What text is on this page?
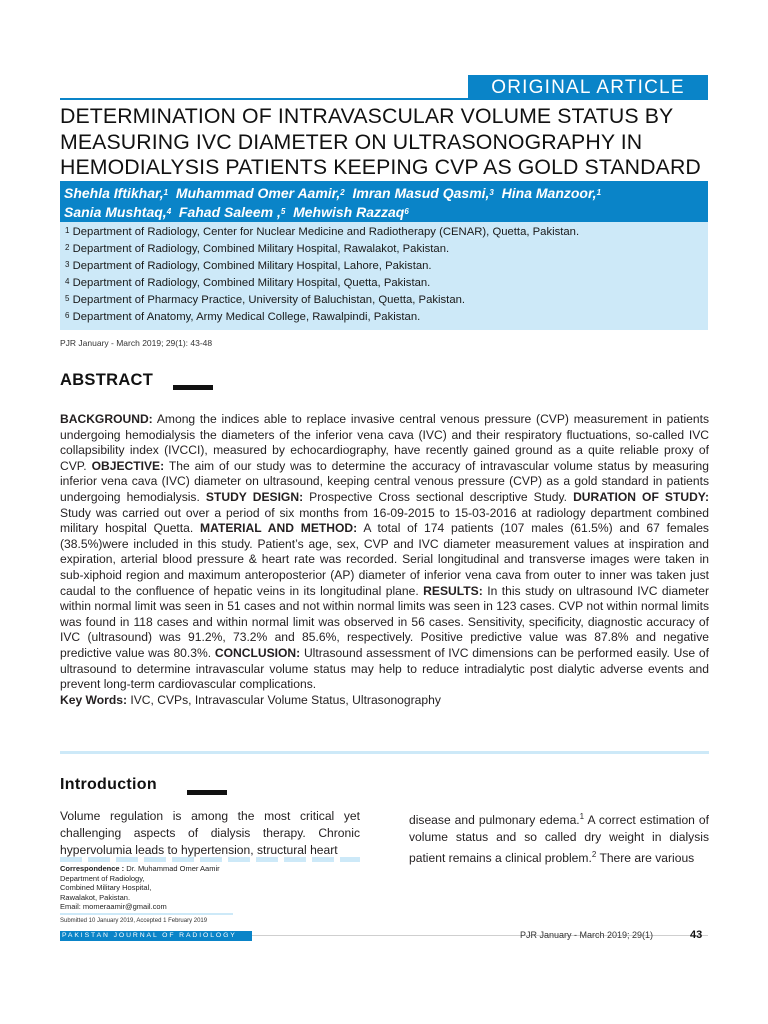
ORIGINAL ARTICLE
DETERMINATION OF INTRAVASCULAR VOLUME STATUS BY
MEASURING IVC DIAMETER ON ULTRASONOGRAPHY IN
HEMODIALYSIS PATIENTS KEEPING CVP AS GOLD STANDARD
Shehla Iftikhar,$^1$ Muhammad Omer Aamir,$^2$ Imran Masud Qasmi,$^3$ Hina Manzoor,$^1$
Sania Mushtaq,$^4$ Fahad Saleem ,$^5$ Mehwish Razzaq$^6$
$^1$ Department of Radiology, Center for Nuclear Medicine and Radiotherapy (CENAR), Quetta, Pakistan.
$^2$ Department of Radiology, Combined Military Hospital, Rawalakot, Pakistan.
$^3$ Department of Radiology, Combined Military Hospital, Lahore, Pakistan.
$^4$ Department of Radiology, Combined Military Hospital, Quetta, Pakistan.
$^5$ Department of Pharmacy Practice, University of Baluchistan, Quetta, Pakistan.
$^6$ Department of Anatomy, Army Medical College, Rawalpindi, Pakistan.
PJR January - March 2019; 29(1): 43-48
ABSTRACT
BACKGROUND: Among the indices able to replace invasive central venous pressure (CVP) measurement in patients undergoing hemodialysis the diameters of the inferior vena cava (IVC) and their respiratory fluctuations, so-called IVC collapsibility index (IVCCI), measured by echocardiography, have recently gained ground as a quite reliable proxy of CVP. OBJECTIVE: The aim of our study was to determine the accuracy of intravascular volume status by measuring inferior vena cava (IVC) diameter on ultrasound, keeping central venous pressure (CVP) as a gold standard in patients undergoing hemodialysis. STUDY DESIGN: Prospective Cross sectional descriptive Study. DURATION OF STUDY: Study was carried out over a period of six months from 16-09-2015 to 15-03-2016 at radiology department combined military hospital Quetta. MATERIAL AND METHOD: A total of 174 patients (107 males (61.5%) and 67 females (38.5%)were included in this study. Patient’s age, sex, CVP and IVC diameter measurement values at inspiration and expiration, arterial blood pressure & heart rate was recorded. Serial longitudinal and transverse images were taken in sub-xiphoid region and maximum anteroposterior (AP) diameter of inferior vena cava from outer to inner was taken just caudal to the confluence of hepatic veins in its longitudinal plane. RESULTS: In this study on ultrasound IVC diameter within normal limit was seen in 51 cases and not within normal limits was seen in 123 cases. CVP not within normal limits was found in 118 cases and within normal limit was observed in 56 cases. Sensitivity, specificity, diagnostic accuracy of IVC (ultrasound) was 91.2%, 73.2% and 85.6%, respectively. Positive predictive value was 87.8% and negative predictive value was 80.3%. CONCLUSION: Ultrasound assessment of IVC dimensions can be performed easily. Use of ultrasound to determine intravascular volume status may help to reduce intradialytic post dialytic adverse events and prevent long-term cardiovascular complications.
Key Words: IVC, CVPs, Intravascular Volume Status, Ultrasonography
Introduction
Volume regulation is among the most critical yet challenging aspects of dialysis therapy. Chronic hypervolumia leads to hypertension, structural heart
disease and pulmonary edema.$^1$ A correct estimation of volume status and so called dry weight in dialysis patient remains a clinical problem.$^2$ There are various
Correspondence : Dr. Muhammad Omer Aamir
Department of Radiology,
Combined Military Hospital,
Rawalakot, Pakistan.
Email: momeraamir@gmail.com
Submitted 10 January 2019, Accepted 1 February 2019
PAKISTAN JOURNAL OF RADIOLOGY	PJR January - March 2019; 29(1)	43
